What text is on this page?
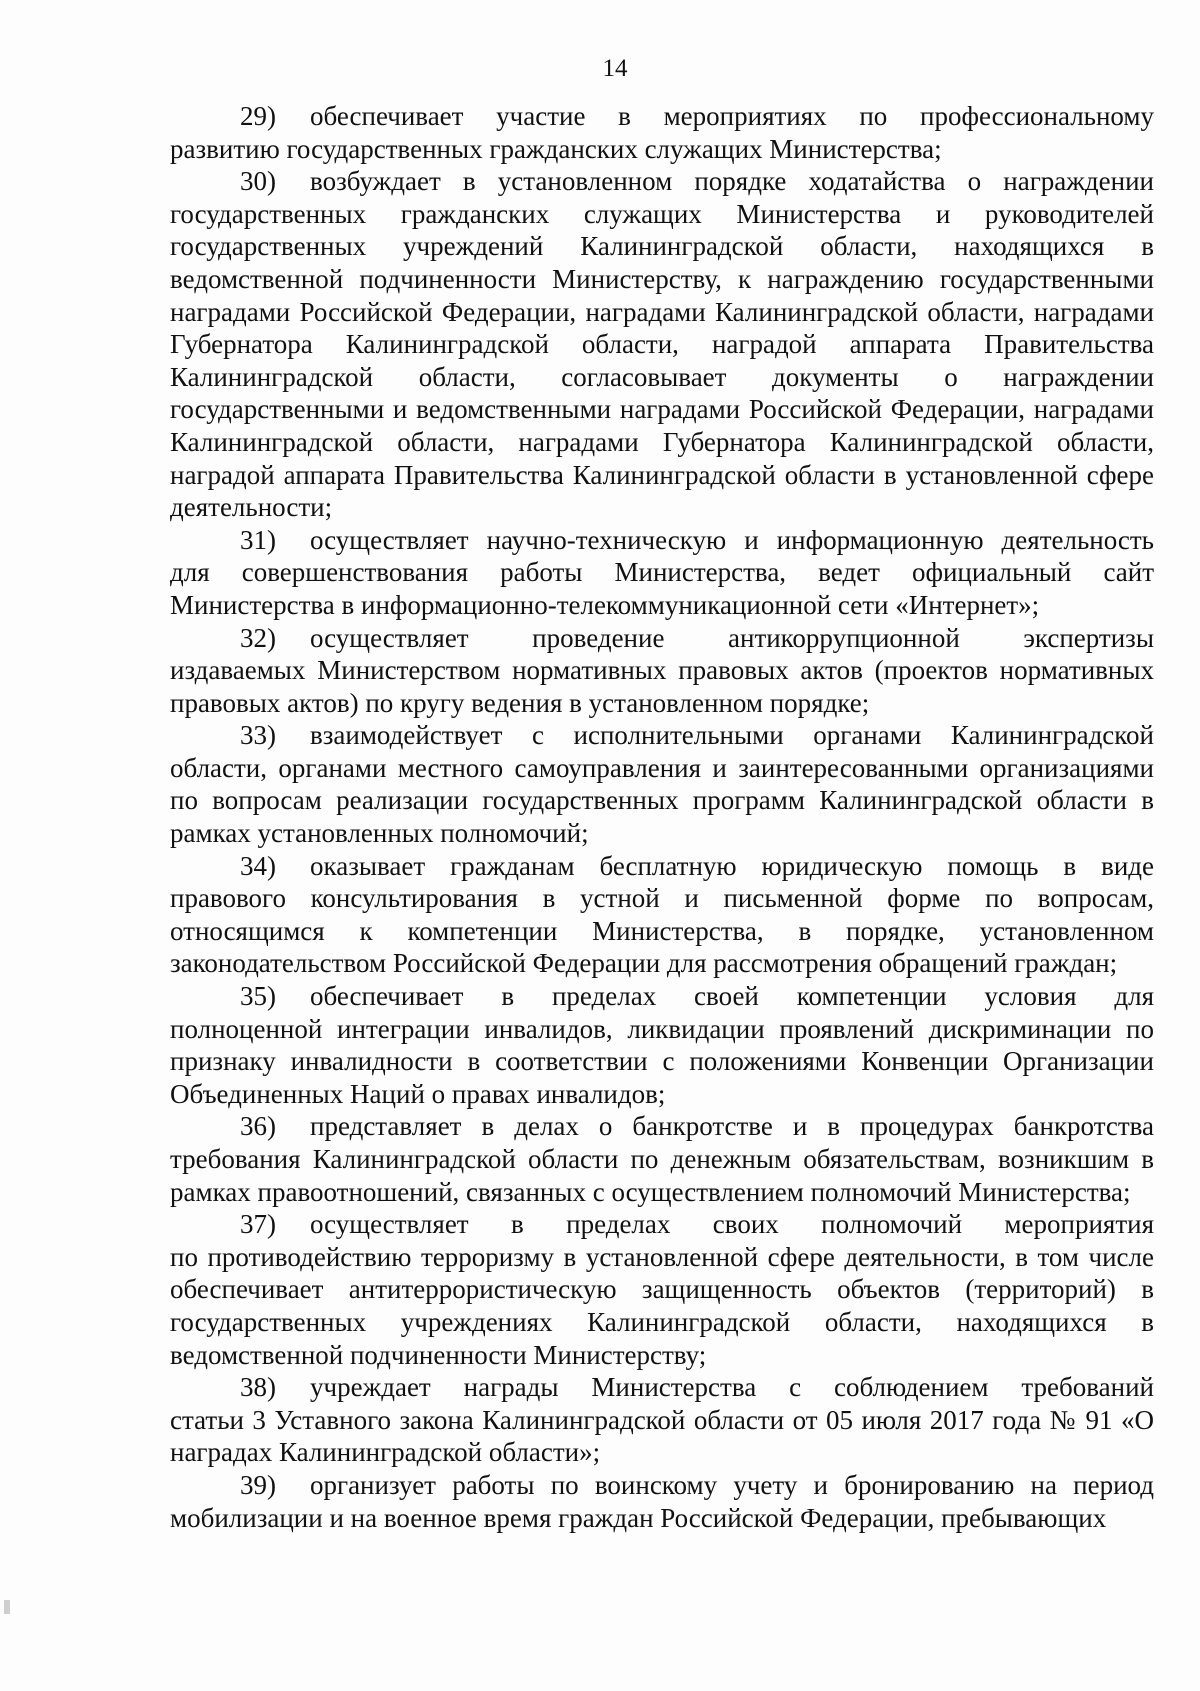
14
29) обеспечивает участие в мероприятиях по профессиональному
развитию государственных гражданских служащих Министерства;
30) возбуждает в установленном порядке ходатайства о награждении
государственных гражданских служащих Министерства и руководителей государственных учреждений Калининградской области, находящихся в ведомственной подчиненности Министерству, к награждению государственными наградами Российской Федерации, наградами Калининградской области, наградами Губернатора Калининградской области, наградой аппарата Правительства Калининградской области, согласовывает документы о награждении государственными и ведомственными наградами Российской Федерации, наградами Калининградской области, наградами Губернатора Калининградской области, наградой аппарата Правительства Калининградской области в установленной сфере деятельности;
31) осуществляет научно-техническую и информационную деятельность
для совершенствования работы Министерства, ведет официальный сайт Министерства в информационно-телекоммуникационной сети «Интернет»;
32) осуществляет проведение антикоррупционной экспертизы
издаваемых Министерством нормативных правовых актов (проектов нормативных правовых актов) по кругу ведения в установленном порядке;
33) взаимодействует с исполнительными органами Калининградской
области, органами местного самоуправления и заинтересованными организациями по вопросам реализации государственных программ Калининградской области в рамках установленных полномочий;
34) оказывает гражданам бесплатную юридическую помощь в виде
правового консультирования в устной и письменной форме по вопросам, относящимся к компетенции Министерства, в порядке, установленном законодательством Российской Федерации для рассмотрения обращений граждан;
35) обеспечивает в пределах своей компетенции условия для
полноценной интеграции инвалидов, ликвидации проявлений дискриминации по признаку инвалидности в соответствии с положениями Конвенции Организации Объединенных Наций о правах инвалидов;
36) представляет в делах о банкротстве и в процедурах банкротства
требования Калининградской области по денежным обязательствам, возникшим в рамках правоотношений, связанных с осуществлением полномочий Министерства;
37) осуществляет в пределах своих полномочий мероприятия
по противодействию терроризму в установленной сфере деятельности, в том числе обеспечивает антитеррористическую защищенность объектов (территорий) в государственных учреждениях Калининградской области, находящихся в ведомственной подчиненности Министерству;
38) учреждает награды Министерства с соблюдением требований
статьи 3 Уставного закона Калининградской области от 05 июля 2017 года № 91 «О наградах Калининградской области»;
39) организует работы по воинскому учету и бронированию на период
мобилизации и на военное время граждан Российской Федерации, пребывающих
